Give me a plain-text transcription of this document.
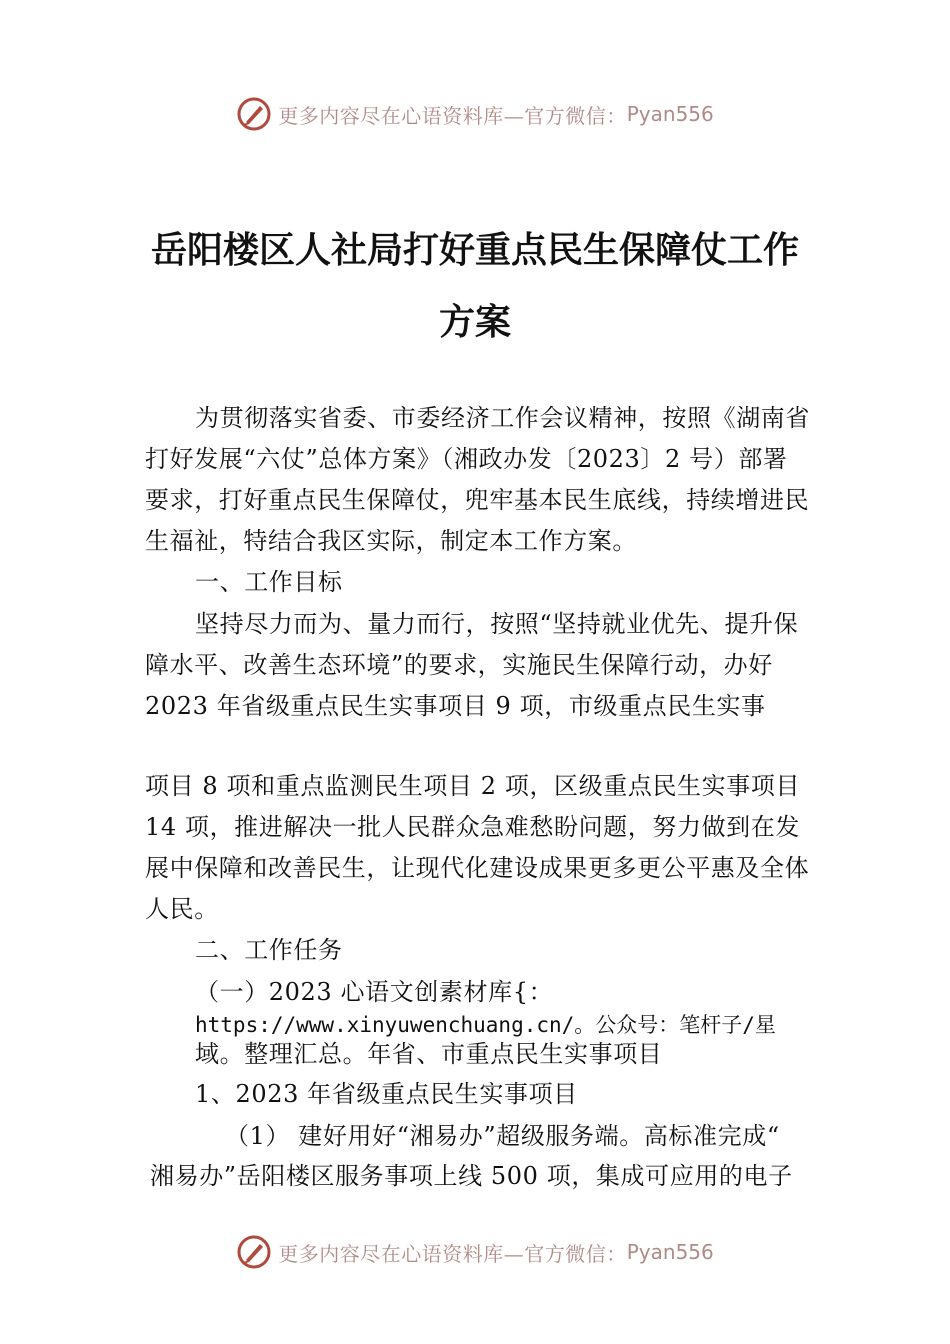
更多内容尽在心语资料库—官方微信： Pyan556
岳阳楼区人社局打好重点民生保障仗工作
方案

为贯彻落实省委、市委经济工作会议精神，按照《湖南省打好发展“六仗”总体方案》（湘政办发〔2023〕2 号）部署要求，打好重点民生保障仗，兜牢基本民生底线，持续增进民生福祉，特结合我区实际，制定本工作方案。

一、工作目标

坚持尽力而为、量力而行，按照“坚持就业优先、提升保障水平、改善生态环境”的要求，实施民生保障行动，办好 2023 年省级重点民生实事项目 9 项，市级重点民生实事

项目 8 项和重点监测民生项目 2 项，区级重点民生实事项目 14 项，推进解决一批人民群众急难愁盼问题，努力做到在发展中保障和改善民生，让现代化建设成果更多更公平惠及全体人民。

二、工作任务

（一）2023 心语文创素材库{：

https://www.xinyuwenchuang.cn/。公众号：笔杆子/星

域。整理汇总。年省、市重点民生实事项目

1、2023 年省级重点民生实事项目

（1） 建好用好“湘易办”超级服务端。高标准完成“

湘易办”岳阳楼区服务事项上线 500 项，集成可应用的电子

更多内容尽在心语资料库—官方微信： Pyan556
